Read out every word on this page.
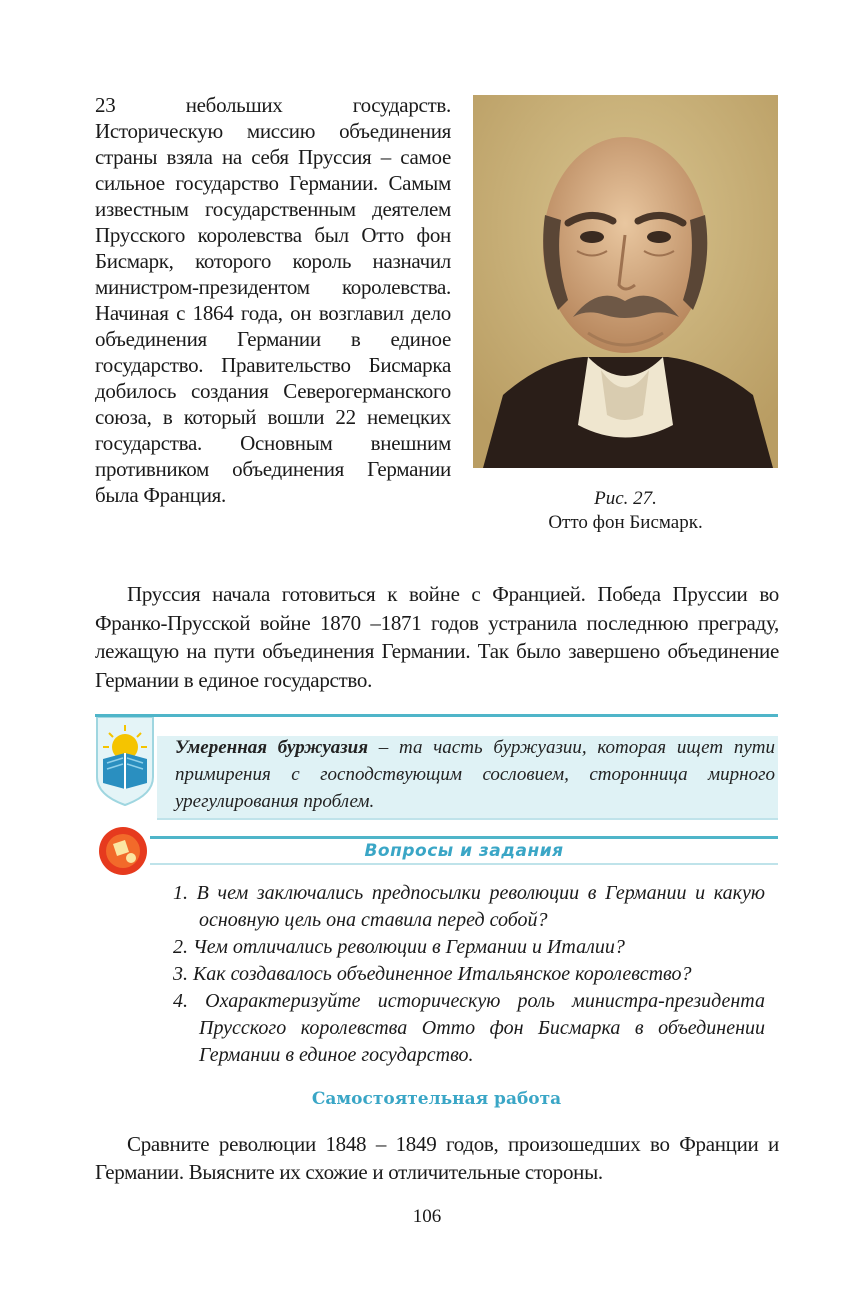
23 небольших государств. Историческую миссию объединения страны взяла на себя Пруссия – самое сильное государство Германии. Самым известным государственным деятелем Прусского королевства был Отто фон Бисмарк, которого король назначил министром-президентом королевства. Начиная с 1864 года, он возглавил дело объединения Германии в единое государство. Правительство Бисмарка добилось создания Северогерманского союза, в который вошли 22 немецких государства. Основным внешним противником объединения Германии была Франция.	Рис. 27.
Отто фон Бисмарк.
Пруссия начала готовиться к войне с Францией. Победа Пруссии во Франко-Прусской войне 1870 –1871 годов устранила последнюю преграду, лежащую на пути объединения Германии. Так было завершено объединение Германии в единое государство.
Умеренная буржуазия – та часть буржуазии, которая ищет пути примирения с господствующим сословием, сторонница мирного урегулирования проблем.
Вопросы и задания
1. В чем заключались предпосылки революции в Германии и какую основную цель она ставила перед собой?
2. Чем отличались революции в Германии и Италии?
3. Как создавалось объединенное Итальянское королевство?
4. Охарактеризуйте историческую роль министра-президента Прусского королевства Отто фон Бисмарка в объединении Германии в единое государство.
Самостоятельная работа
Сравните революции 1848 – 1849 годов, произошедших во Франции и Германии. Выясните их схожие и отличительные стороны.
106
